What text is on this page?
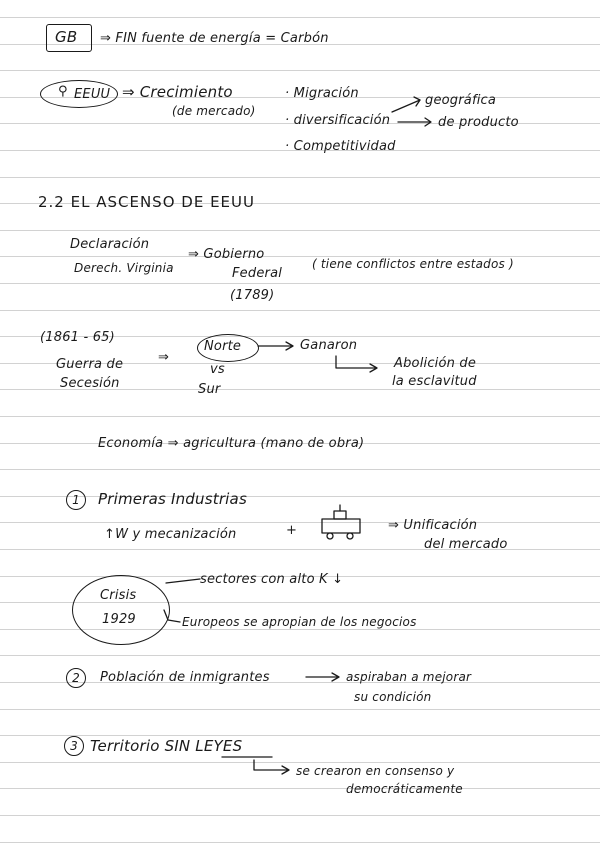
GB ⇒ FIN fuente de energía = Carbón
⚲ EEUU ⇒ Crecimiento
(de mercado)
· Migración
· diversificación
geográfica
de producto
· Competitividad
2.2 EL ASCENSO DE EEUU
Declaración
Derech. Virginia
⇒ Gobierno
Federal
(1789)
( tiene conflictos entre estados )
(1861 - 65)
Guerra de
Secesión
⇒
Norte
vs
Sur
Ganaron
Abolición de
la esclavitud
Economía ⇒ agricultura (mano de obra)
1	Primeras Industrias
↑W y mecanización	+	⇒ Unificación
del mercado
Crisis
1929
sectores con alto K ↓
Europeos se apropian de los negocios
2	Población de inmigrantes	aspiraban a mejorar
su condición
3 Territorio SIN LEYES
se crearon en consenso y
democráticamente
